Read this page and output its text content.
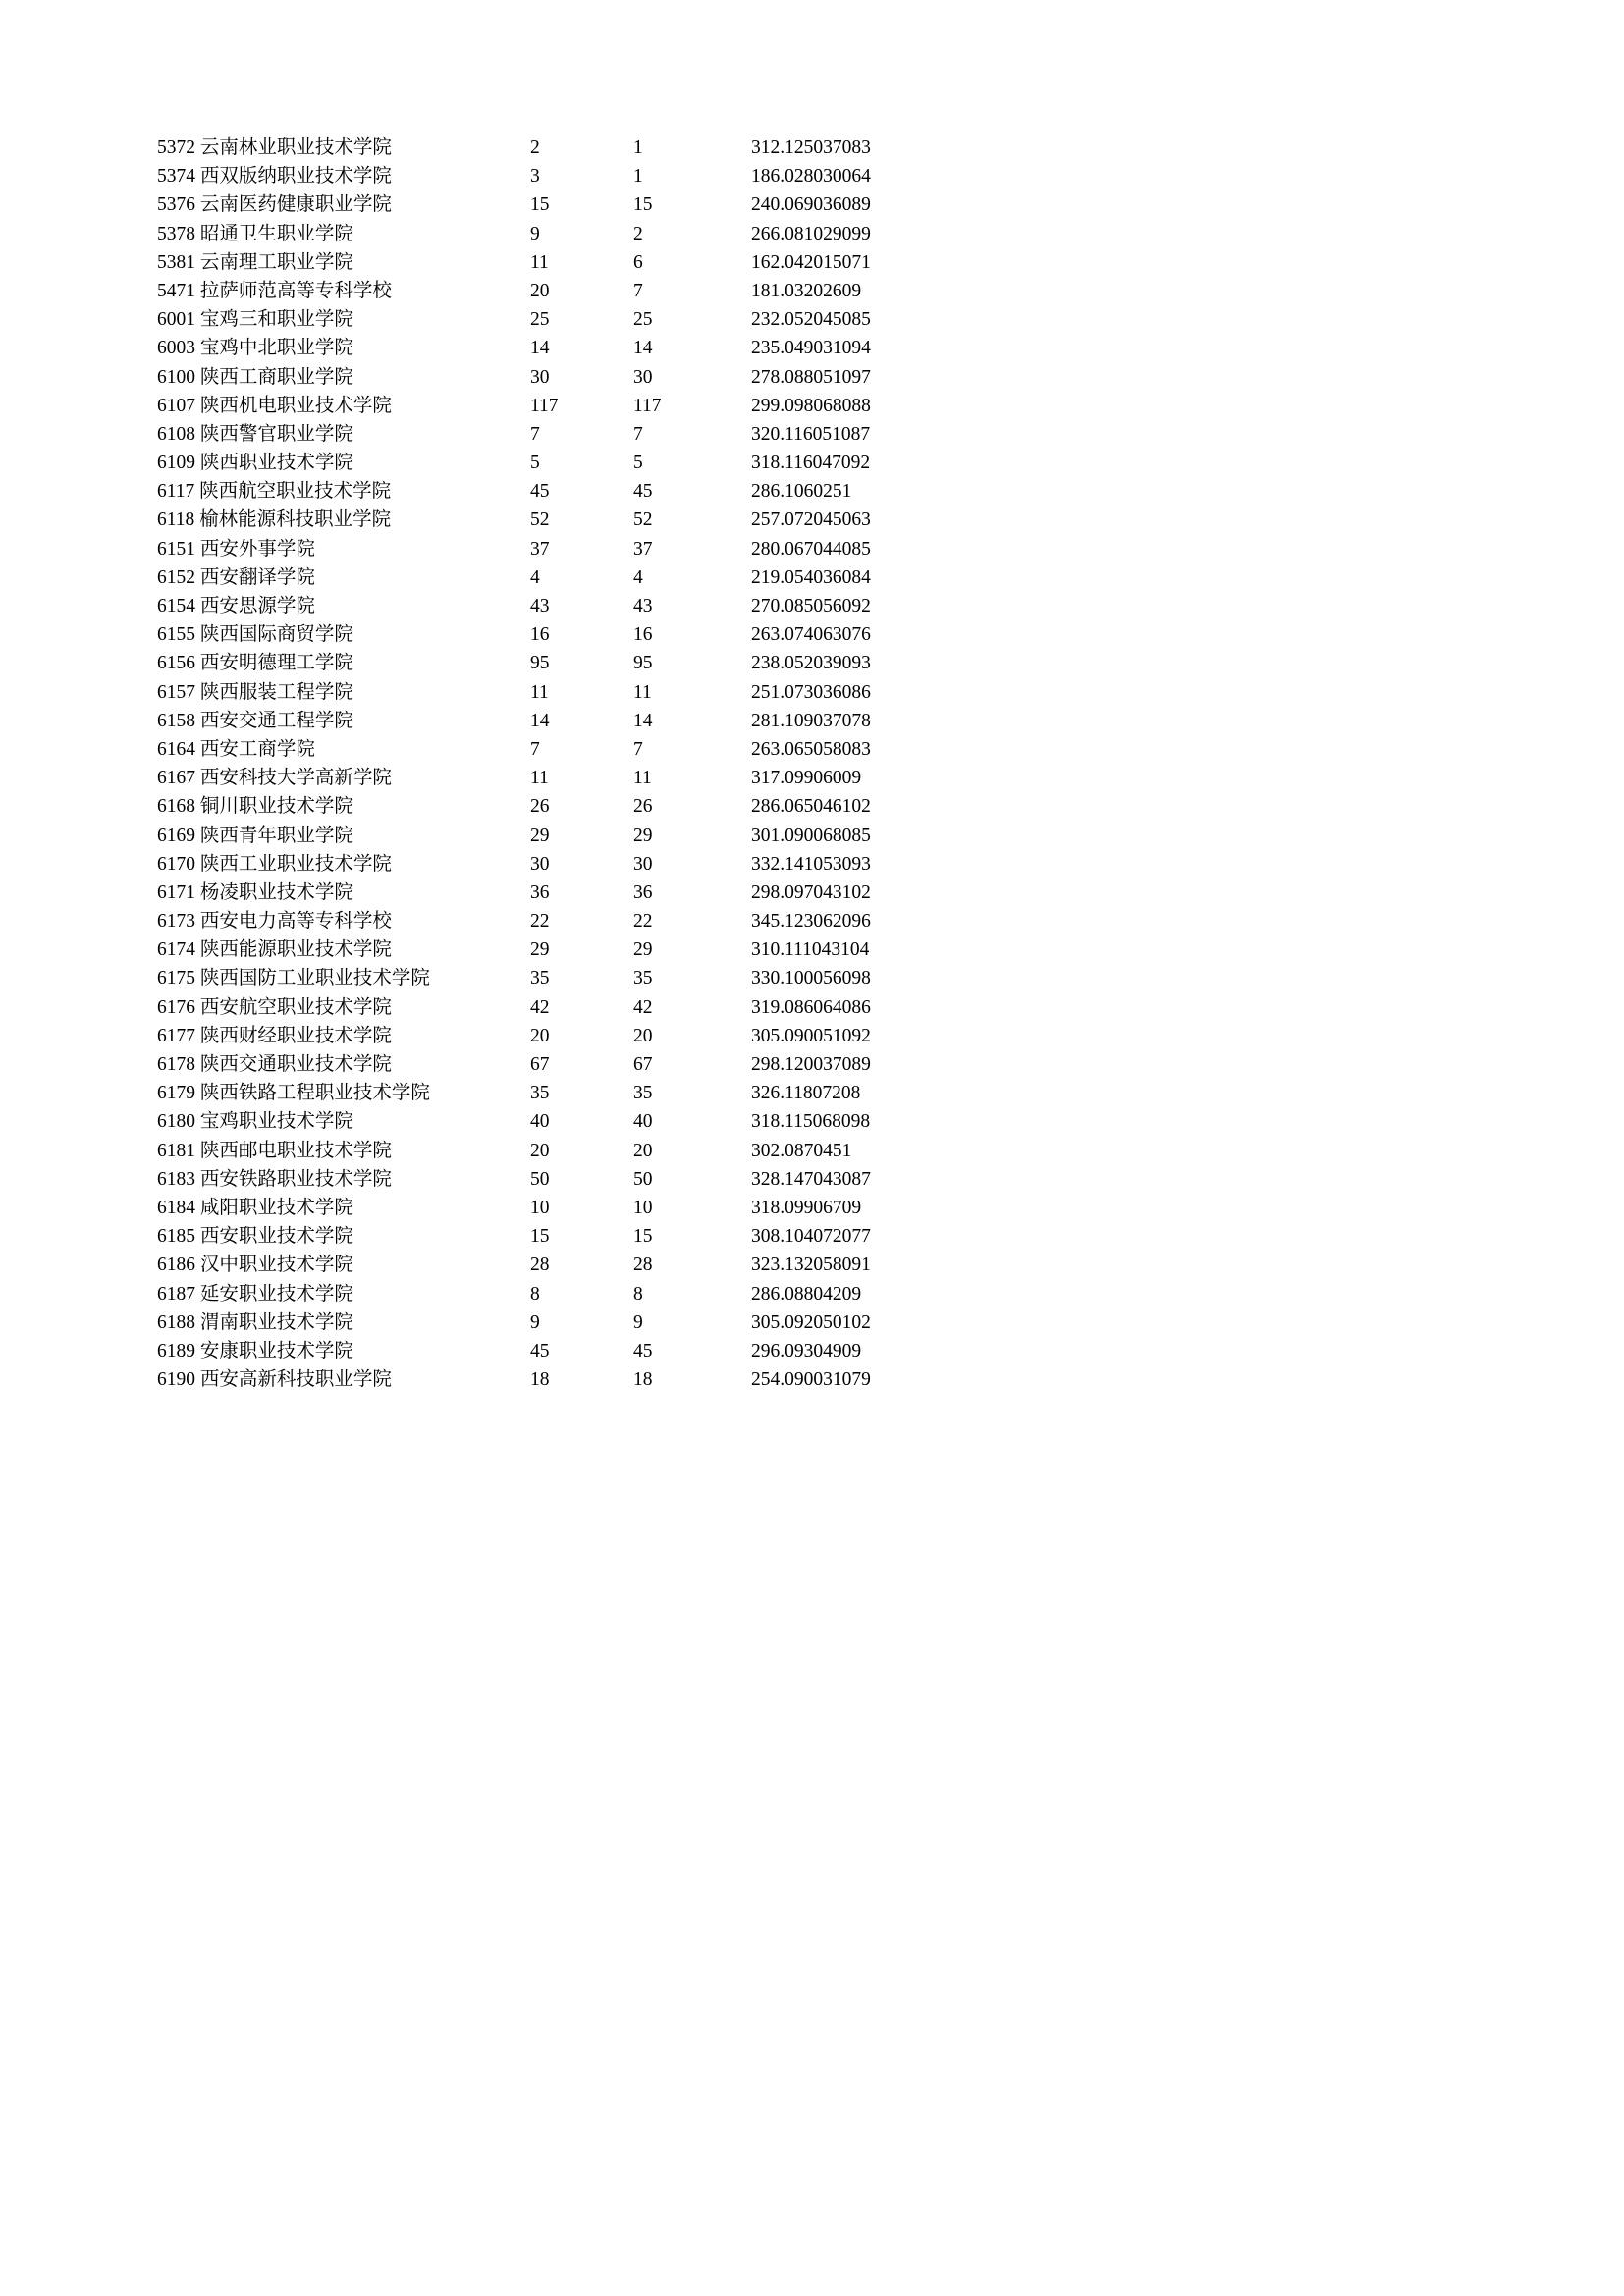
5372 云南林业职业技术学院	2	1	312.125037083
5374 西双版纳职业技术学院	3	1	186.028030064
5376 云南医药健康职业学院	15	15	240.069036089
5378 昭通卫生职业学院	9	2	266.081029099
5381 云南理工职业学院	11	6	162.042015071
5471 拉萨师范高等专科学校	20	7	181.03202609
6001 宝鸡三和职业学院	25	25	232.052045085
6003 宝鸡中北职业学院	14	14	235.049031094
6100 陕西工商职业学院	30	30	278.088051097
6107 陕西机电职业技术学院	117	117	299.098068088
6108 陕西警官职业学院	7	7	320.116051087
6109 陕西职业技术学院	5	5	318.116047092
6117 陕西航空职业技术学院	45	45	286.1060251
6118 榆林能源科技职业学院	52	52	257.072045063
6151 西安外事学院	37	37	280.067044085
6152 西安翻译学院	4	4	219.054036084
6154 西安思源学院	43	43	270.085056092
6155 陕西国际商贸学院	16	16	263.074063076
6156 西安明德理工学院	95	95	238.052039093
6157 陕西服装工程学院	11	11	251.073036086
6158 西安交通工程学院	14	14	281.109037078
6164 西安工商学院	7	7	263.065058083
6167 西安科技大学高新学院	11	11	317.09906009
6168 铜川职业技术学院	26	26	286.065046102
6169 陕西青年职业学院	29	29	301.090068085
6170 陕西工业职业技术学院	30	30	332.141053093
6171 杨凌职业技术学院	36	36	298.097043102
6173 西安电力高等专科学校	22	22	345.123062096
6174 陕西能源职业技术学院	29	29	310.111043104
6175 陕西国防工业职业技术学院	35	35	330.100056098
6176 西安航空职业技术学院	42	42	319.086064086
6177 陕西财经职业技术学院	20	20	305.090051092
6178 陕西交通职业技术学院	67	67	298.120037089
6179 陕西铁路工程职业技术学院	35	35	326.11807208
6180 宝鸡职业技术学院	40	40	318.115068098
6181 陕西邮电职业技术学院	20	20	302.0870451
6183 西安铁路职业技术学院	50	50	328.147043087
6184 咸阳职业技术学院	10	10	318.09906709
6185 西安职业技术学院	15	15	308.104072077
6186 汉中职业技术学院	28	28	323.132058091
6187 延安职业技术学院	8	8	286.08804209
6188 渭南职业技术学院	9	9	305.092050102
6189 安康职业技术学院	45	45	296.09304909
6190 西安高新科技职业学院	18	18	254.090031079
